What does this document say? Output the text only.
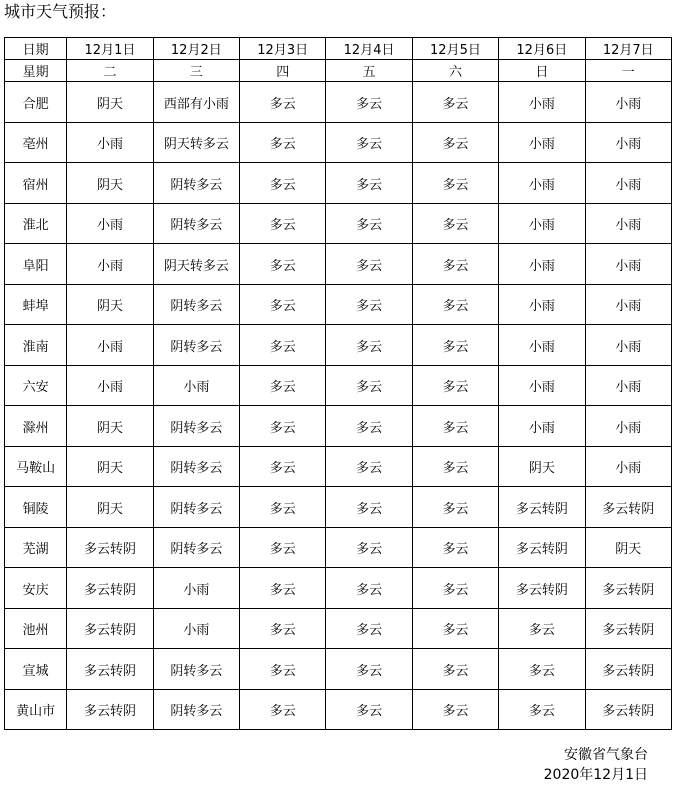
城市天气预报：
日期	12月1日	12月2日	12月3日	12月4日	12月5日	12月6日	12月7日
星期	二	三	四	五	六	日	一
合肥	阴天	西部有小雨	多云	多云	多云	小雨	小雨
亳州	小雨	阴天转多云	多云	多云	多云	小雨	小雨
宿州	阴天	阴转多云	多云	多云	多云	小雨	小雨
淮北	小雨	阴转多云	多云	多云	多云	小雨	小雨
阜阳	小雨	阴天转多云	多云	多云	多云	小雨	小雨
蚌埠	阴天	阴转多云	多云	多云	多云	小雨	小雨
淮南	小雨	阴转多云	多云	多云	多云	小雨	小雨
六安	小雨	小雨	多云	多云	多云	小雨	小雨
滁州	阴天	阴转多云	多云	多云	多云	小雨	小雨
马鞍山	阴天	阴转多云	多云	多云	多云	阴天	小雨
铜陵	阴天	阴转多云	多云	多云	多云	多云转阴	多云转阴
芜湖	多云转阴	阴转多云	多云	多云	多云	多云转阴	阴天
安庆	多云转阴	小雨	多云	多云	多云	多云转阴	多云转阴
池州	多云转阴	小雨	多云	多云	多云	多云	多云转阴
宣城	多云转阴	阴转多云	多云	多云	多云	多云	多云转阴
黄山市	多云转阴	阴转多云	多云	多云	多云	多云	多云转阴
安徽省气象台
2020年12月1日
